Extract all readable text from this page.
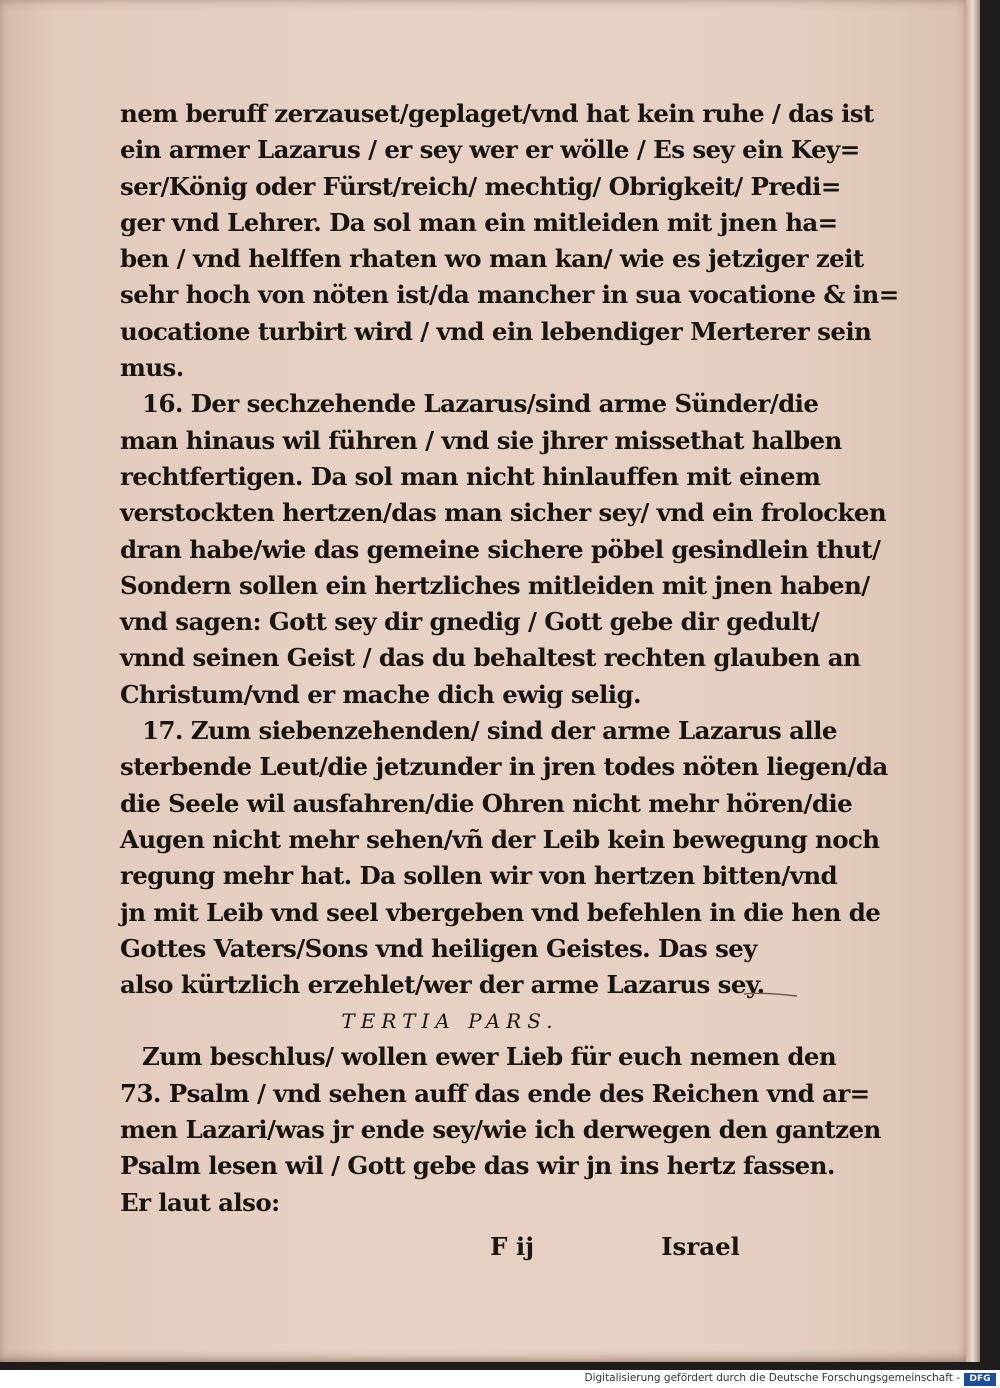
nem beruff zerzauset/geplaget/vnd hat kein ruhe / das ist
ein armer Lazarus / er sey wer er wölle / Es sey ein Key=
ser/König oder Fürst/reich/ mechtig/ Obrigkeit/ Predi=
ger vnd Lehrer. Da sol man ein mitleiden mit jnen ha=
ben / vnd helffen rhaten wo man kan/ wie es jetziger zeit
sehr hoch von nöten ist/da mancher in sua vocatione & in=
uocatione turbirt wird / vnd ein lebendiger Merterer sein
mus.
16. Der sechzehende Lazarus/sind arme Sünder/die
man hinaus wil führen / vnd sie jhrer missethat halben
rechtfertigen. Da sol man nicht hinlauffen mit einem
verstockten hertzen/das man sicher sey/ vnd ein frolocken
dran habe/wie das gemeine sichere pöbel gesindlein thut/
Sondern sollen ein hertzliches mitleiden mit jnen haben/
vnd sagen: Gott sey dir gnedig / Gott gebe dir gedult/
vnnd seinen Geist / das du behaltest rechten glauben an
Christum/vnd er mache dich ewig selig.
17. Zum siebenzehenden/ sind der arme Lazarus alle
sterbende Leut/die jetzunder in jren todes nöten liegen/da
die Seele wil ausfahren/die Ohren nicht mehr hören/die
Augen nicht mehr sehen/vñ der Leib kein bewegung noch
regung mehr hat. Da sollen wir von hertzen bitten/vnd
jn mit Leib vnd seel vbergeben vnd befehlen in die hen de
Gottes Vaters/Sons vnd heiligen Geistes. Das sey
also kürtzlich erzehlet/wer der arme Lazarus sey.
TERTIA PARS.
Zum beschlus/ wollen ewer Lieb für euch nemen den
73. Psalm / vnd sehen auff das ende des Reichen vnd ar=
men Lazari/was jr ende sey/wie ich derwegen den gantzen
Psalm lesen wil / Gott gebe das wir jn ins hertz fassen.
Er laut also:
F ij	Israel
Digitalisierung gefördert durch die Deutsche Forschungsgemeinschaft -	DFG
